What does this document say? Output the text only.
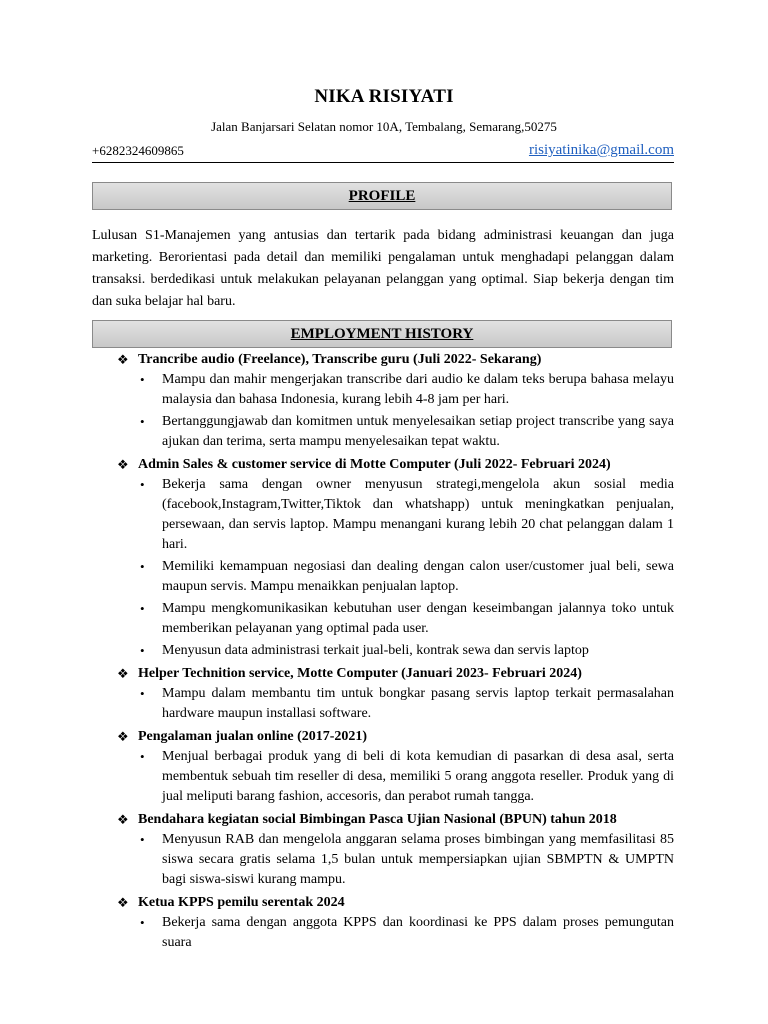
NIKA RISIYATI
Jalan Banjarsari Selatan nomor 10A, Tembalang, Semarang,50275
+6282324609865	risiyatinika@gmail.com
PROFILE
Lulusan S1-Manajemen yang antusias dan tertarik pada bidang administrasi keuangan dan juga marketing. Berorientasi pada detail dan memiliki pengalaman untuk menghadapi pelanggan dalam transaksi. berdedikasi untuk melakukan pelayanan pelanggan yang optimal. Siap bekerja dengan tim dan suka belajar hal baru.
EMPLOYMENT HISTORY
❖ Trancribe audio (Freelance), Transcribe guru (Juli 2022- Sekarang)
• Mampu dan mahir mengerjakan transcribe dari audio ke dalam teks berupa bahasa melayu malaysia dan bahasa Indonesia, kurang lebih 4-8 jam per hari.
• Bertanggungjawab dan komitmen untuk menyelesaikan setiap project transcribe yang saya ajukan dan terima, serta mampu menyelesaikan tepat waktu.
❖ Admin Sales & customer service di Motte Computer (Juli 2022- Februari 2024)
• Bekerja sama dengan owner menyusun strategi,mengelola akun sosial media (facebook,Instagram,Twitter,Tiktok dan whatshapp) untuk meningkatkan penjualan, persewaan, dan servis laptop. Mampu menangani kurang lebih 20 chat pelanggan dalam 1 hari.
• Memiliki kemampuan negosiasi dan dealing dengan calon user/customer jual beli, sewa maupun servis. Mampu menaikkan penjualan laptop.
• Mampu mengkomunikasikan kebutuhan user dengan keseimbangan jalannya toko untuk memberikan pelayanan yang optimal pada user.
• Menyusun data administrasi terkait jual-beli, kontrak sewa dan servis laptop
❖ Helper Technition service, Motte Computer (Januari 2023- Februari 2024)
• Mampu dalam membantu tim untuk bongkar pasang servis laptop terkait permasalahan hardware maupun installasi software.
❖ Pengalaman jualan online (2017-2021)
• Menjual berbagai produk yang di beli di kota kemudian di pasarkan di desa asal, serta membentuk sebuah tim reseller di desa, memiliki 5 orang anggota reseller. Produk yang di jual meliputi barang fashion, accesoris, dan perabot rumah tangga.
❖ Bendahara kegiatan social Bimbingan Pasca Ujian Nasional (BPUN) tahun 2018
• Menyusun RAB dan mengelola anggaran selama proses bimbingan yang memfasilitasi 85 siswa secara gratis selama 1,5 bulan untuk mempersiapkan ujian SBMPTN & UMPTN bagi siswa-siswi kurang mampu.
❖ Ketua KPPS pemilu serentak 2024
• Bekerja sama dengan anggota KPPS dan koordinasi ke PPS dalam proses pemungutan suara
